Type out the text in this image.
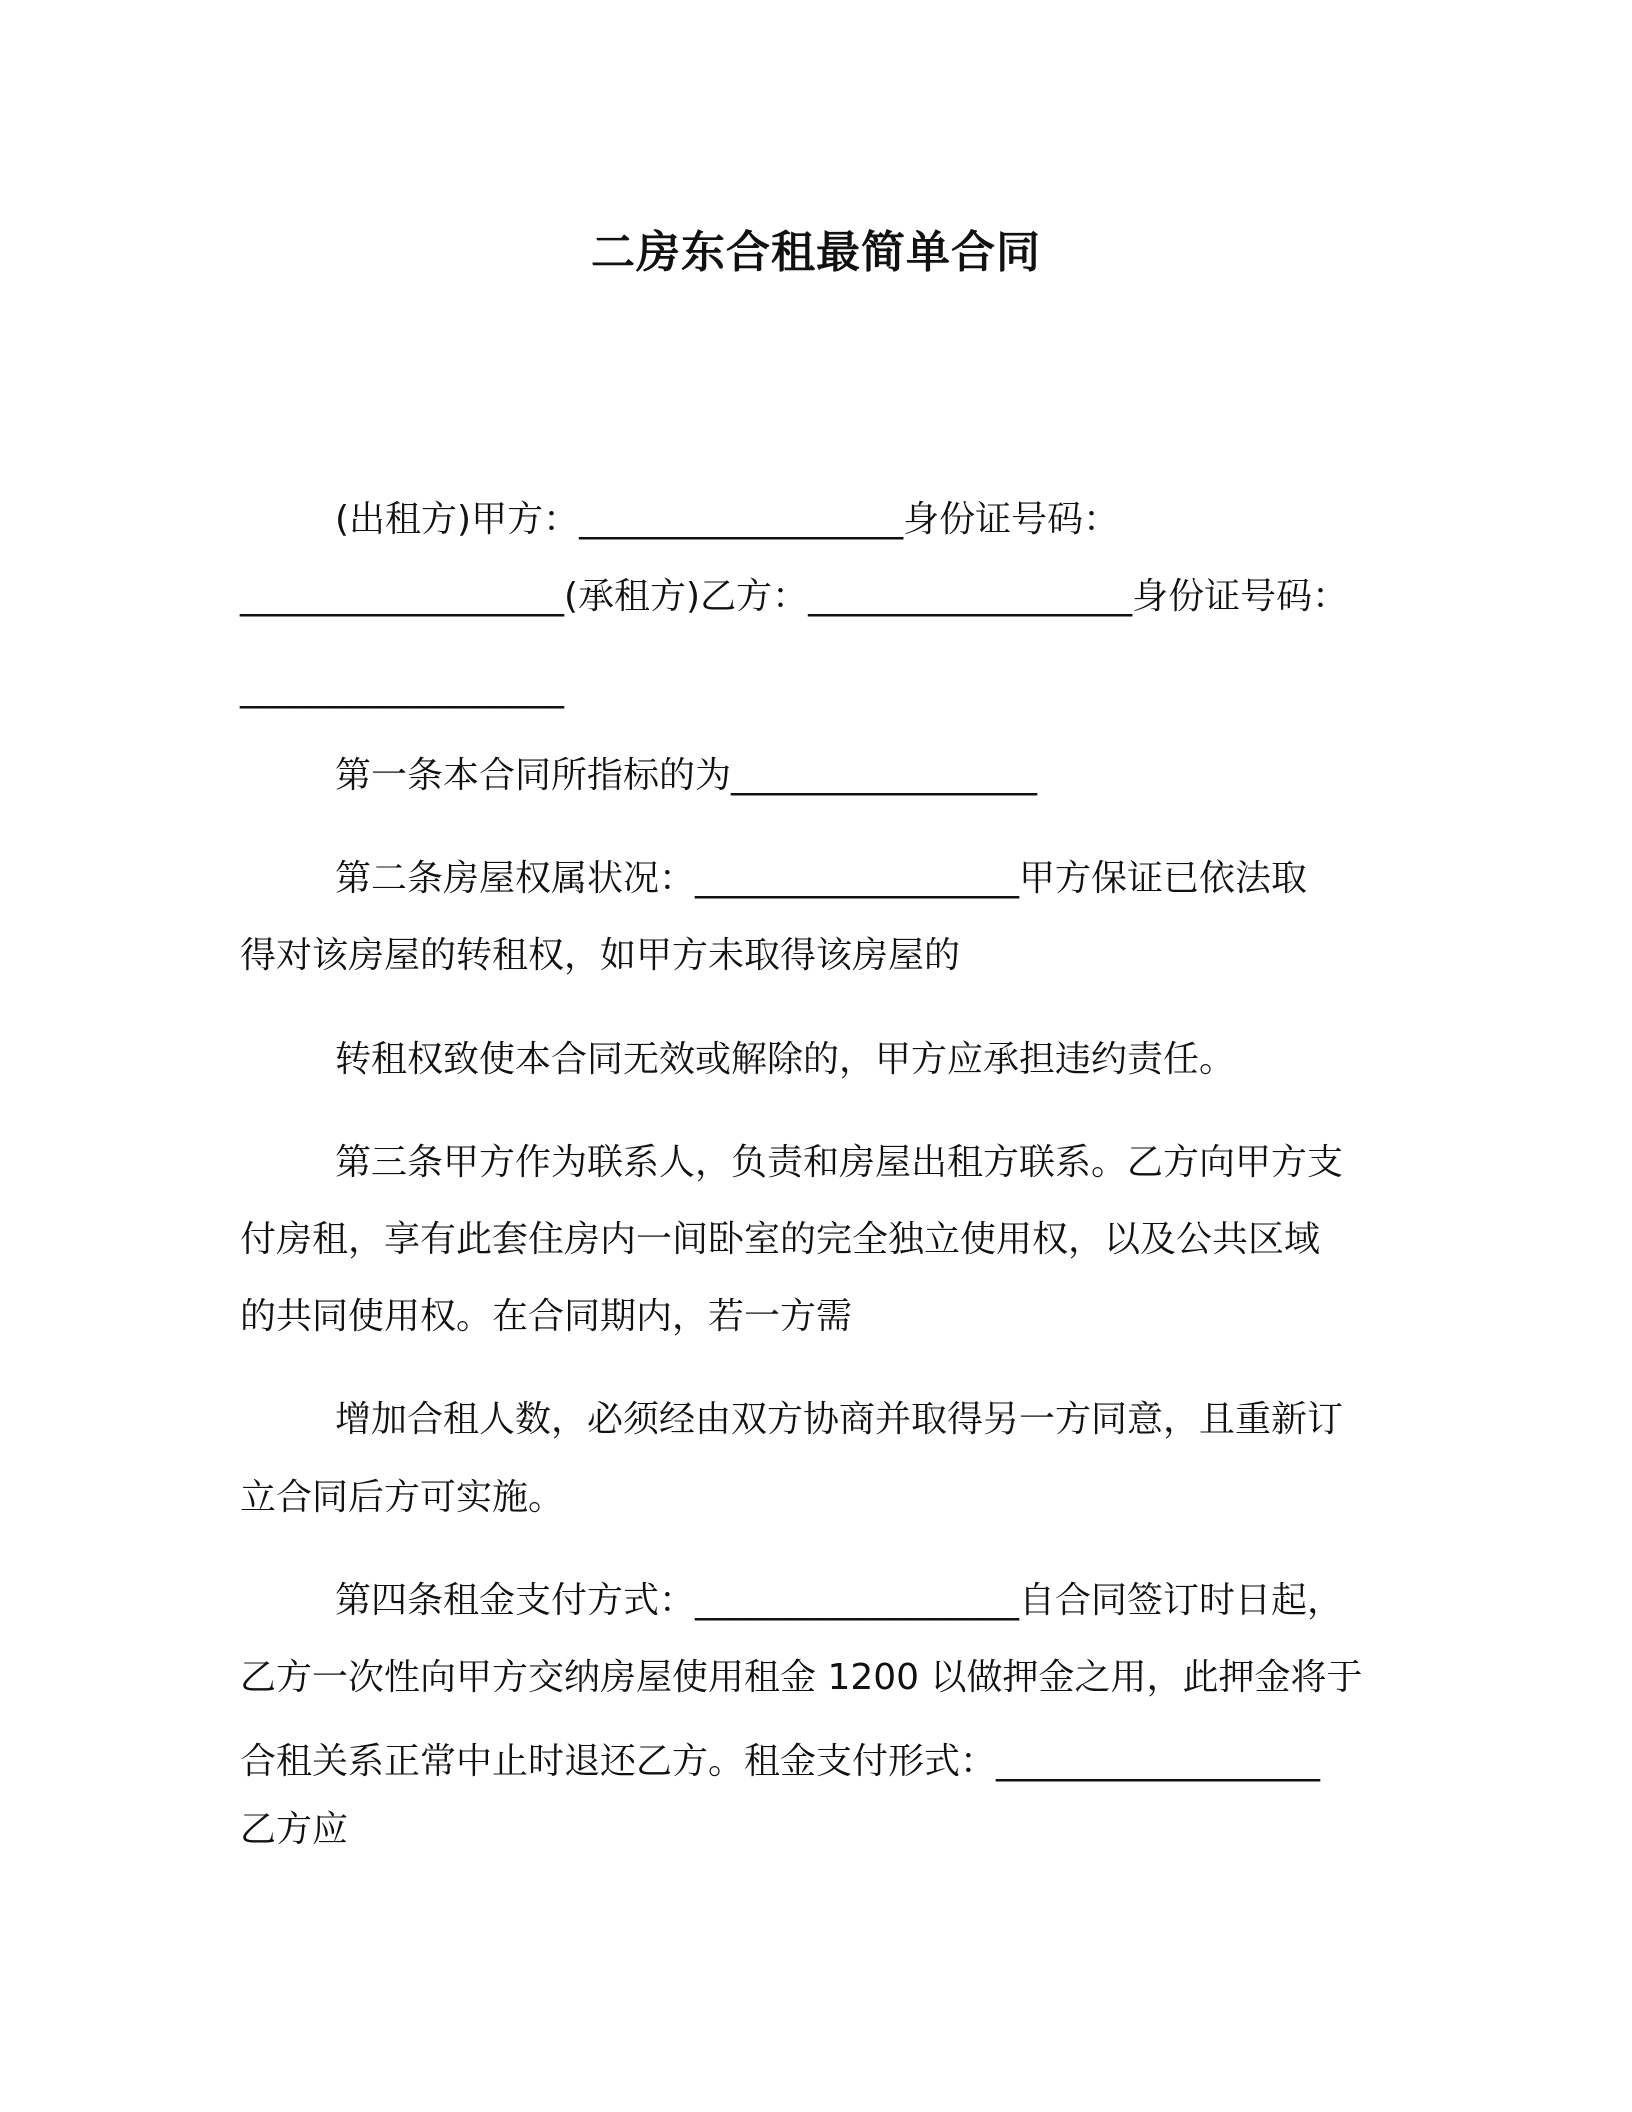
二房东合租最简单合同
(出租方)甲方：__________________身份证号码：
__________________(承租方)乙方：__________________身份证号码：
__________________
第一条本合同所指标的为_________________
第二条房屋权属状况：__________________甲方保证已依法取
得对该房屋的转租权，如甲方未取得该房屋的
转租权致使本合同无效或解除的，甲方应承担违约责任。
第三条甲方作为联系人，负责和房屋出租方联系。乙方向甲方支
付房租，享有此套住房内一间卧室的完全独立使用权，以及公共区域
的共同使用权。在合同期内，若一方需
增加合租人数，必须经由双方协商并取得另一方同意，且重新订
立合同后方可实施。
第四条租金支付方式：__________________自合同签订时日起，
乙方一次性向甲方交纳房屋使用租金 1200 以做押金之用，此押金将于
合租关系正常中止时退还乙方。租金支付形式：__________________
乙方应
